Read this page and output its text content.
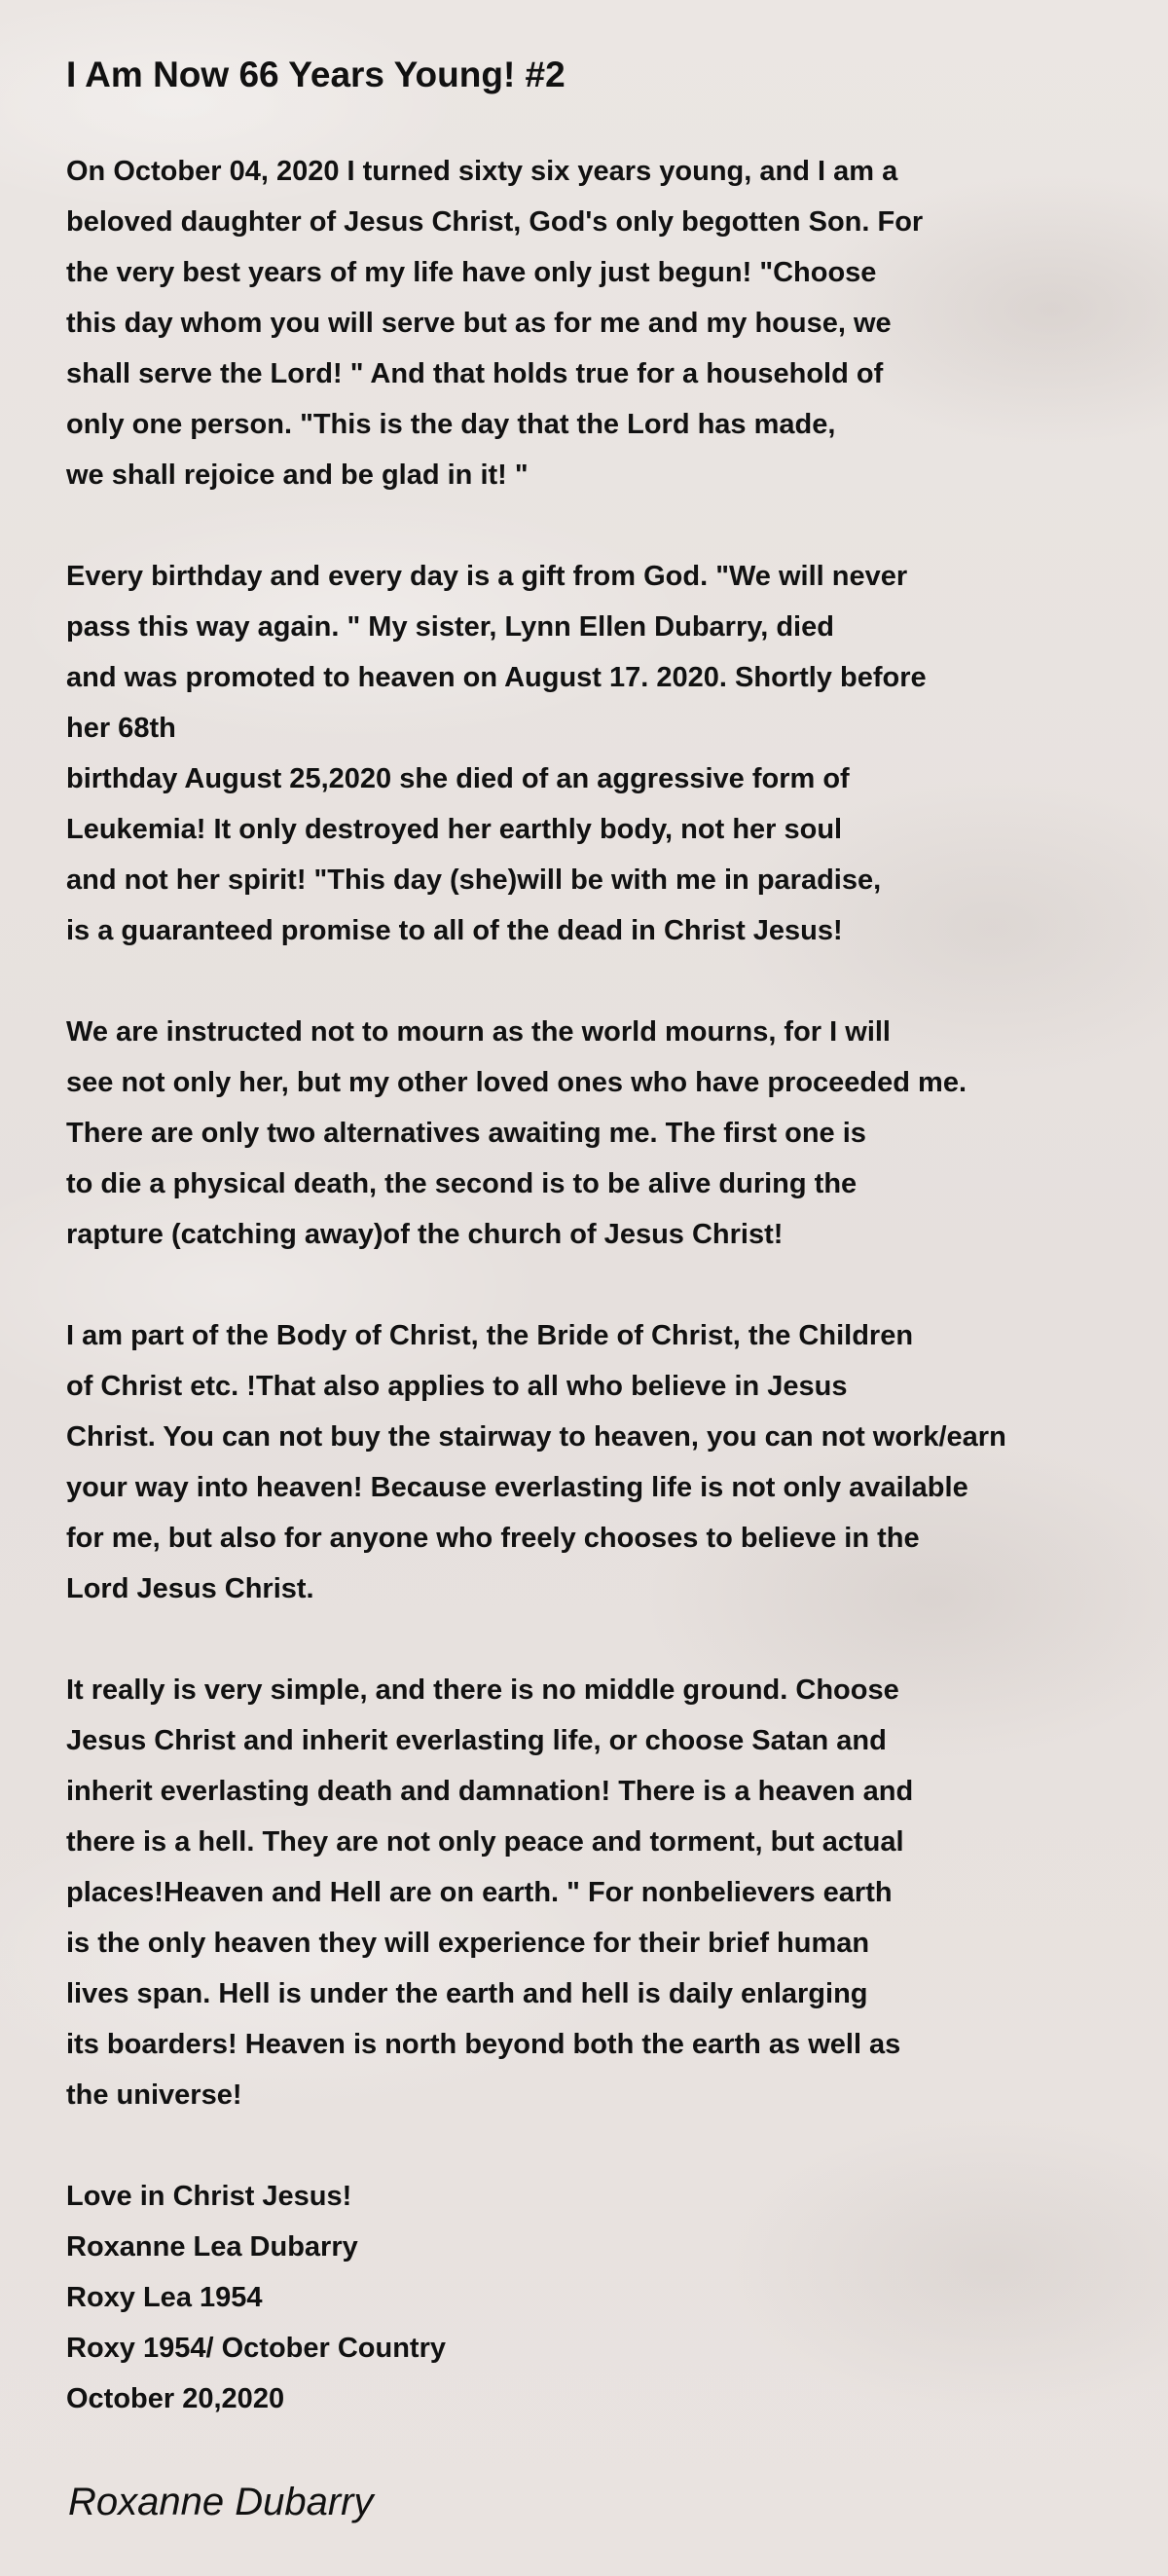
I Am Now 66 Years Young! #2
On October 04, 2020 I turned sixty six years young, and I am a
beloved daughter of Jesus Christ, God's only begotten Son. For
the very best years of my life have only just begun! "Choose
this day whom you will serve but as for me and my house, we
shall serve the Lord! " And that holds true for a household of
only one person. "This is the day that the Lord has made,
we shall rejoice and be glad in it! "
Every birthday and every day is a gift from God. "We will never
pass this way again. " My sister, Lynn Ellen Dubarry, died
and was promoted to heaven on August 17. 2020. Shortly before
her 68th
birthday August 25,2020 she died of an aggressive form of
Leukemia! It only destroyed her earthly body, not her soul
and not her spirit! "This day (she)will be with me in paradise,
is a guaranteed promise to all of the dead in Christ Jesus!
We are instructed not to mourn as the world mourns, for I will
see not only her, but my other loved ones who have proceeded me.
There are only two alternatives awaiting me. The first one is
to die a physical death, the second is to be alive during the
rapture (catching away)of the church of Jesus Christ!
I am part of the Body of Christ, the Bride of Christ, the Children
of Christ etc. !That also applies to all who believe in Jesus
Christ. You can not buy the stairway to heaven, you can not work/earn
your way into heaven! Because everlasting life is not only available
for me, but also for anyone who freely chooses to believe in the
Lord Jesus Christ.
It really is very simple, and there is no middle ground. Choose
Jesus Christ and inherit everlasting life, or choose Satan and
inherit everlasting death and damnation! There is a heaven and
there is a hell. They are not only peace and torment, but actual
places!Heaven and Hell are on earth. " For nonbelievers earth
is the only heaven they will experience for their brief human
lives span. Hell is under the earth and hell is daily enlarging
its boarders! Heaven is north beyond both the earth as well as
the universe!
Love in Christ Jesus!
Roxanne Lea Dubarry
Roxy Lea 1954
Roxy 1954/ October Country
October 20,2020
Roxanne Dubarry
